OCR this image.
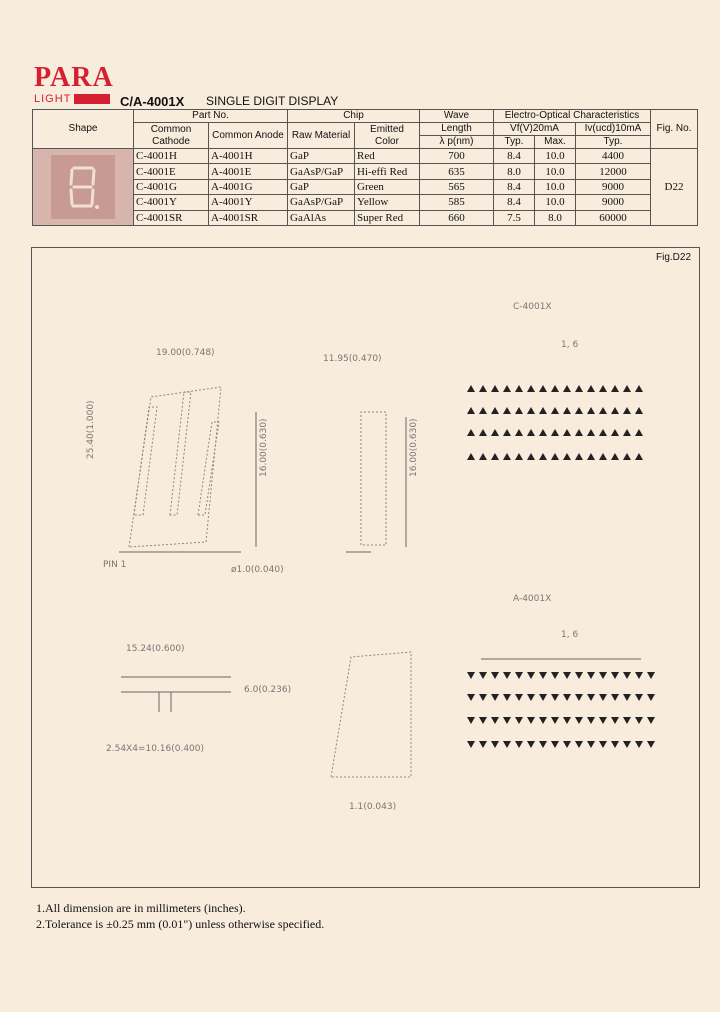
PARA
LIGHT	C/A-4001X SINGLE DIGIT DISPLAY
Shape	Part No.		Chip		Wave	Electro-Optical Characteristics			Fig. No.
	Common Cathode	Common Anode	Raw Material	Emitted Color	Length	Vf(V)20mA		Iv(ucd)10mA	
					λ p(nm)	Typ.	Max.	Typ.	

	C-4001H	A-4001H	GaP	Red	700	8.4	10.0	4400	D22
	C-4001E	A-4001E	GaAsP/GaP	Hi-effi Red	635	8.0	10.0	12000	
	C-4001G	A-4001G	GaP	Green	565	8.4	10.0	9000	
	C-4001Y	A-4001Y	GaAsP/GaP	Yellow	585	8.4	10.0	9000	
	C-4001SR	A-4001SR	GaAlAs	Super Red	660	7.5	8.0	60000	
Fig.D22
C-4001X
A-4001X
1, 6
1, 6
19.00(0.748)
11.95(0.470)
PIN 1	ø1.0(0.040)
15.24(0.600)
2.54X4=10.16(0.400)
6.0(0.236)
1.1(0.043)
25.40(1.000)	16.00(0.630)	16.00(0.630)
1.All dimension are in millimeters (inches).
2.Tolerance is ±0.25 mm (0.01") unless otherwise specified.
